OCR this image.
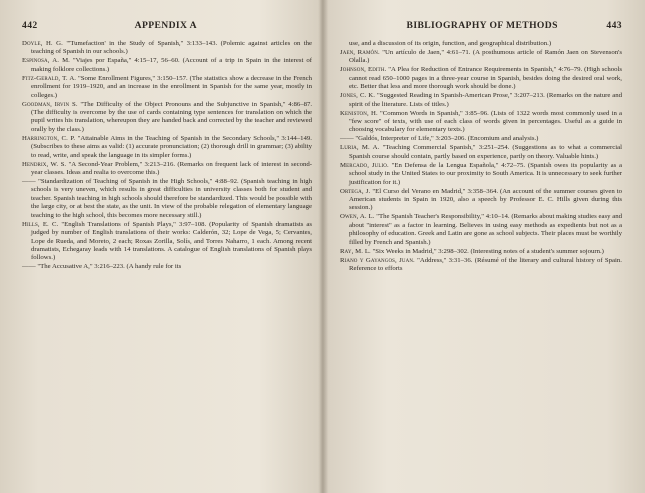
442	APPENDIX A

Doyle, H. G. "'Tumefaction' in the Study of Spanish," 3:133–143. (Polemic against articles on the teaching of Spanish in our schools.)

Espinosa, A. M. "Viajes por España," 4:15–17, 56–60. (Account of a trip in Spain in the interest of making folklore collections.)

Fitz-Gerald, T. A. "Some Enrollment Figures," 3:150–157. (The statistics show a decrease in the French enrollment for 1919–1920, and an increase in the enrollment in Spanish for the same year, mostly in colleges.)

Goodman, Irvin S. "The Difficulty of the Object Pronouns and the Subjunctive in Spanish," 4:86–87. (The difficulty is overcome by the use of cards containing type sentences for translation on which the pupil writes his translation, whereupon they are handed back and corrected by the teacher and reviewed orally by the class.)

Harrington, C. P. "Attainable Aims in the Teaching of Spanish in the Secondary Schools," 3:144–149. (Subscribes to these aims as valid: (1) accurate pronunciation; (2) thorough drill in grammar; (3) ability to read, write, and speak the language in its simpler forms.)

Hendrix, W. S. "A Second-Year Problem," 3:213–216. (Remarks on frequent lack of interest in second-year classes. Ideas and realia to overcome this.)

—— "Standardization of Teaching of Spanish in the High Schools," 4:88–92. (Spanish teaching in high schools is very uneven, which results in great difficulties in university classes both for student and teacher. Spanish teaching in high schools should therefore be standardized. This would be possible with the large city, or at best the state, as the unit. In view of the probable relegation of elementary language teaching to the high school, this becomes more necessary still.)

Hills, E. C. "English Translations of Spanish Plays," 3:97–108. (Popularity of Spanish dramatists as judged by number of English translations of their works: Calderón, 32; Lope de Vega, 5; Cervantes, Lope de Rueda, and Moreto, 2 each; Roxas Zorilla, Solís, and Torres Naharro, 1 each. Among recent dramatists, Echegaray leads with 14 translations. A catalogue of English translations of Spanish plays follows.)

—— "The Accusative A," 3:216–223. (A handy rule for its

BIBLIOGRAPHY OF METHODS	443

use, and a discussion of its origin, function, and geographical distribution.)

Jaen, Ramón. "Un artículo de Jaen," 4:61–71. (A posthumous article of Ramón Jaen on Stevenson's Olalla.)

Johnson, Edith. "A Plea for Reduction of Entrance Requirements in Spanish," 4:76–79. (High schools cannot read 650–1000 pages in a three-year course in Spanish, besides doing the desired oral work, etc. Better that less and more thorough work should be done.)

Jones, C. K. "Suggested Reading in Spanish-American Prose," 3:207–213. (Remarks on the nature and spirit of the literature. Lists of titles.)

Keniston, H. "Common Words in Spanish," 3:85–96. (Lists of 1322 words most commonly used in a "few score" of texts, with use of each class of words given in percentages. Useful as a guide in choosing vocabulary for elementary texts.)

—— "Galdós, Interpreter of Life," 3:203–206. (Encomium and analysis.)

Luria, M. A. "Teaching Commercial Spanish," 3:251–254. (Suggestions as to what a commercial Spanish course should contain, partly based on experience, partly on theory. Valuable hints.)

Mercado, Julio. "En Defensa de la Lengua Española," 4:72–75. (Spanish owes its popularity as a school study in the United States to our proximity to South America. It is unnecessary to seek further justification for it.)

Ortega, J. "El Curso del Verano en Madrid," 3:358–364. (An account of the summer courses given to American students in Spain in 1920, also a speech by Professor E. C. Hills given during this session.)

Owen, A. L. "The Spanish Teacher's Responsibility," 4:10–14. (Remarks about making studies easy and about "interest" as a factor in learning. Believes in using easy methods as expedients but not as a philosophy of education. Greek and Latin are gone as school subjects. Their places must be worthily filled by French and Spanish.)

Ray, M. L. "Six Weeks in Madrid," 3:298–302. (Interesting notes of a student's summer sojourn.)

Riano y Gayangos, Juan. "Address," 3:31–36. (Résumé of the literary and cultural history of Spain. Reference to efforts
